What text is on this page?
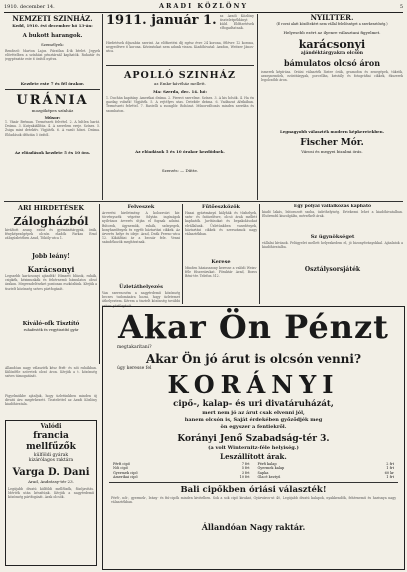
1910. december 14.	ARADI KÖZLÖNY	5
NEMZETI SZINHÁZ.
Kedd, 1910. évi december hó 13-án:
A bukott harangok.
Személyek:
Rendező: Marton Lajos. Páratlan 4-ik bérlet. Jegyek elővételben a színházi pénztárnál kaphatók. Ruhatár és jegypénztár este 6 órától nyitva.
Kezdete este 7 és fél órakor.
URÁNIA
mozgóképes színház
Műsor:
1. Vásár Bréman. Természeti felvétel. 2. A hűtlen barát. Dráma. 3. Kutyakiállítás. 4. A szerelem ereje. Színes. 5. Zsiga mint detektív. Vígjáték. 6. A vasút hősei. Dráma. Előadások délután 5 órától.
Az előadások kezdete 5 és 10 óra.
1911. január 1. az Aradi Közlöny tiszteletpéldányt küld. Előfizetések elfogadtatnak.
Hirdetések díjszabás szerint. Az előfizetési díj egész évre 24 korona, félévre 12 korona, negyedévre 6 korona. Kéziratokat nem adunk vissza. Kiadóhivatal: Aradon, Weitzer János-utca.
APOLLÓ SZINHÁZ
az Emke-kávéház mellett.
Ma: Szerda, dec. 14. hó:
1. Duchán kapitány. Amerikai dráma. 2. Pierrot szerelme. Színes. 3. A kis hősök. 4. Ha én gazdag volnék! Vígjáték. 5. A rejtélyes utas. Detektív dráma. 6. Vadászat Afrikában. Természeti felvétel. 7. Rastelli a zsonglőr. Bohózat. Műsorváltozás minden szerdán és szombaton.
Az előadások 5 és 10 órakor kezdődnek.
Szerzés: — Dűtte.
NYILTTÉR.
(E rovat alatt közöltekért nem vállal felelősséget a szerkesztőség.)
Helyesebb ezért az ilyenre választani figyelmet.
karácsonyi
ajándéktárgyakra olcsón
bámulatos olcsó áron
ismerek képírása. Óriási választék lüster órák, gramofon és zenegépek, tükrök, aranyneműek, ezüsttárgyak, porcellán, kristály és fotográfiai cikkek, ékszerek legolcsóbb áron.
Legnagyobb választék modern képkeretekben.
Fischer Mór.
Városi és megyei bizalmi órás.
ARI HIRDETÉSEK
Zálogházból
kiváltott arany, ezüst és gyémánttárgyak, órák, fényképezőgépek olcsón eladók Farkas Ernő zálogüzletében Arad, Tököly-utca 1.
Jobb leány!
Karácsonyi
Legszebb karácsonyi ajándék! Hímzett blúzok, ruhák, csipkék, kézimunkák és fehérnemű bámulatos olcsó árakon. Megrendeléseket pontosan eszközlünk. Kérjük a tisztelt közönség szíves pártfogását.
Kiváló-ofk Tisztító
ruhafesték és vegytisztító gyár
Felveszek
Árverési hirdetmény. A kolozsvári kir. törvényszék végzése folytán ingóságok nyilvános árverés útján el fognak adatni. Bútorok, ágyneműk, ruhák, szőnyegek, konyhaedények és egyéb háztartási cikkek. Az árverés helye és ideje: Arad, Deák Ferenc-utca 12. Kikiáltási ár a becsár fele. Venni szándékozók meghívatnak.
Üzletáthelyezés
Van szerencsém a nagyérdemű közönség becses tudomására hozni, hogy üzletemet áthelyeztem. Kérem a tisztelt közönség további szíves pártfogását.
Fűtőeszközök
Hazai gyártmányú kályhák és tűzhelyek, szén- és fatüzelésre, olcsó árak mellett kaphatók. Javításokat és bepakolásokat elvállalunk. Üzletünkben vasedények, háztartási cikkek és szerszámok nagy választékban.
Kerese
Minden háziasszony keresse a valódi Weiss-féle fűszerárukat. Főraktár Arad, Boros Béni-tér. Telefon 512.
Egy pólyái vállalkozás kapható
kiadó lakás, bútorozott szoba, üzlethelyiség. Értekezni lehet a kiadóhivatalban. Elsőrendű kiszolgálás, mérsékelt árak.
Sz ügynökséget
vállalni kívánok. Felügyelet mellett helyezkedem el, jó bizonyítványokkal. Ajánlatok a kiadóhivatalba.
Osztálysorsjáték
Akar Ön Pénzt
megtakarítani?
Akar Ön jó árut is olcsón venni?
úgy keresse fel
KORÁNYI
cipő-, kalap- és uri divatáruházát,
mert nem jó az árut csak elvenni jól,
hanem olcsón is, Saját érdekében győződjék meg
ön egyszer a fentiekről.
Korányi Jenő Szabadság-tér 3.
(a volt Winternitz-féle helyiség.)
Leszállított árak.
Férfi cipő	7 frt
Női cipő	5 frt
Gyermek cipő	3 frt
Amerikai cipő	10 frt
Férfi kalap	2 frt
Gyermek kalap	1 frt
Sapka	60 kr
Glacé keztyű	1 frt
Bali cipőkben óriási választék!
Férfi-, női-, gyermek-, leány- és fiú-cipők minden kivitelben. Sok a sok cipő kirakat, Gyárváros-ut 40, Legújabb divatú kalapok, nyakkendők, fehérnemű és harisnya nagy választékban.
Állandóan Nagy raktár.
Állandóan nagy választék kész férfi- és női ruhákban. Különféle szövetek olcsó áron. Kérjük a t. közönség szíves támogatását.
Figyelmükbe ajánljuk, hogy üzletünkben minden új divatú áru megérkezett. Tisztelettel az Aradi Közlöny kiadóhivatala.
Valódi
francia mellfűzők
külföldi gyárak
kizárólagos raktára
Varga D. Dani
Arad, Andrássy-tér 23.
Legújabb divatú külföldi mellfűzők, fűzőjavítás. Mérték után készítünk. Kérjük a nagyérdemű közönség pártfogását. Árak olcsók.
